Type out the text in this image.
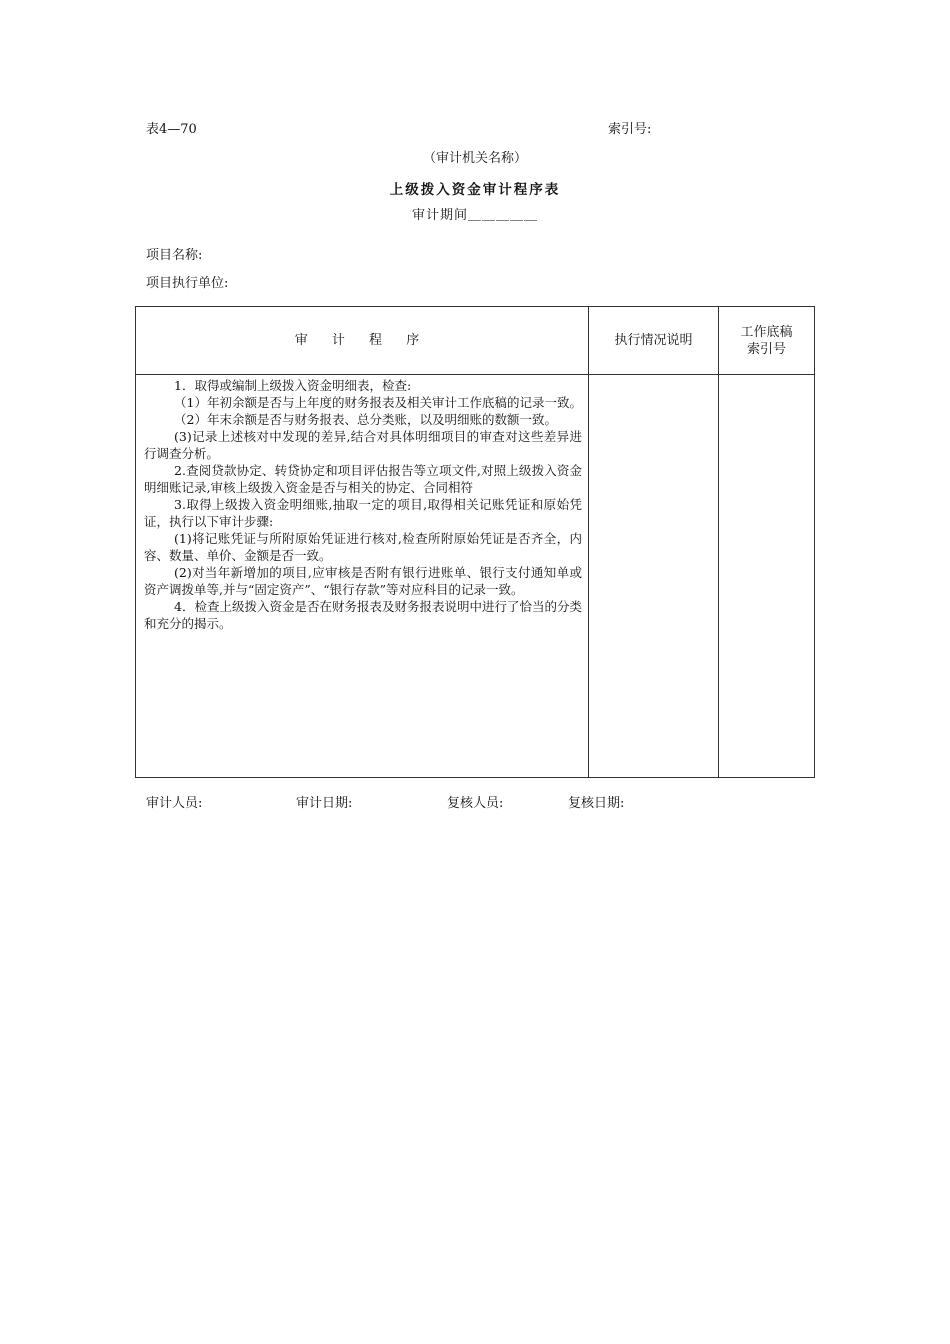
表4—70	索引号:
（审计机关名称）
上级拨入资金审计程序表
审计期间＿＿＿＿＿
项目名称:
项目执行单位:
审 计 程 序	执行情况说明
工作底稿
索引号

1．取得或编制上级拨入资金明细表，检查:

（1）年初余额是否与上年度的财务报表及相关审计工作底稿的记录一致。

（2）年末余额是否与财务报表、总分类账，以及明细账的数额一致。

(3)记录上述核对中发现的差异,结合对具体明细项目的审查对这些差异进行调查分析。

2.查阅贷款协定、转贷协定和项目评估报告等立项文件,对照上级拨入资金明细账记录,审核上级拨入资金是否与相关的协定、合同相符

3.取得上级拨入资金明细账,抽取一定的项目,取得相关记账凭证和原始凭证，执行以下审计步骤:

(1)将记账凭证与所附原始凭证进行核对,检查所附原始凭证是否齐全，内容、数量、单价、金额是否一致。

(2)对当年新增加的项目,应审核是否附有银行进账单、银行支付通知单或资产调拨单等,并与“固定资产”、“银行存款”等对应科目的记录一致。

4．检查上级拨入资金是否在财务报表及财务报表说明中进行了恰当的分类和充分的揭示。

审计人员:	审计日期:	复核人员:	复核日期:
